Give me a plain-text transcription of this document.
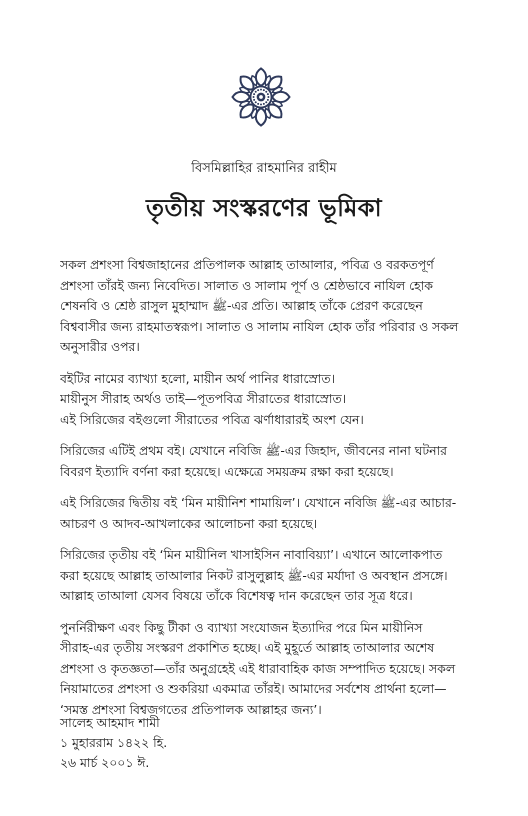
বিসমিল্লাহির রাহমানির রাহীম
তৃতীয় সংস্করণের ভূমিকা
সকল প্রশংসা বিশ্বজাহানের প্রতিপালক আল্লাহ তাআলার, পবিত্র ও বরকতপূর্ণ
প্রশংসা তাঁরই জন্য নিবেদিত। সালাত ও সালাম পূর্ণ ও শ্রেষ্ঠভাবে নাযিল হোক
শেষনবি ও শ্রেষ্ঠ রাসুল মুহাম্মাদ ﷺ-এর প্রতি। আল্লাহ তাঁকে প্রেরণ করেছেন
বিশ্ববাসীর জন্য রাহমাতস্বরূপ। সালাত ও সালাম নাযিল হোক তাঁর পরিবার ও সকল
অনুসারীর ওপর।
বইটির নামের ব্যাখ্যা হলো, মায়ীন অর্থ পানির ধারাস্রোত।
মায়ীনুস সীরাহ অর্থও তাই—পূতপবিত্র সীরাতের ধারাস্রোত।
এই সিরিজের বইগুলো সীরাতের পবিত্র ঝর্ণাধারারই অংশ যেন।
সিরিজের এটিই প্রথম বই। যেখানে নবিজি ﷺ-এর জিহাদ, জীবনের নানা ঘটনার
বিবরণ ইত্যাদি বর্ণনা করা হয়েছে। এক্ষেত্রে সময়ক্রম রক্ষা করা হয়েছে।
এই সিরিজের দ্বিতীয় বই ‘মিন মায়ীনিশ শামায়িল’। যেখানে নবিজি ﷺ-এর আচার-
আচরণ ও আদব-আখলাকের আলোচনা করা হয়েছে।
সিরিজের তৃতীয় বই ‘মিন মায়ীনিল খাসাইসিন নাবাবিয়্যা’। এখানে আলোকপাত
করা হয়েছে আল্লাহ তাআলার নিকট রাসুলুল্লাহ ﷺ-এর মর্যাদা ও অবস্থান প্রসঙ্গে।
আল্লাহ তাআলা যেসব বিষয়ে তাঁকে বিশেষত্ব দান করেছেন তার সূত্র ধরে।
পুনর্নিরীক্ষণ এবং কিছু টীকা ও ব্যাখ্যা সংযোজন ইত্যাদির পরে মিন মায়ীনিস
সীরাহ-এর তৃতীয় সংস্করণ প্রকাশিত হচ্ছে। এই মুহূর্তে আল্লাহ তাআলার অশেষ
প্রশংসা ও কৃতজ্ঞতা—তাঁর অনুগ্রহেই এই ধারাবাহিক কাজ সম্পাদিত হয়েছে। সকল
নিয়ামাতের প্রশংসা ও শুকরিয়া একমাত্র তাঁরই। আমাদের সর্বশেষ প্রার্থনা হলো—
‘সমস্ত প্রশংসা বিশ্বজগতের প্রতিপালক আল্লাহর জন্য’।
সালেহ আহমাদ শামী
১ মুহাররাম ১৪২২ হি.
২৬ মার্চ ২০০১ ঈ.
